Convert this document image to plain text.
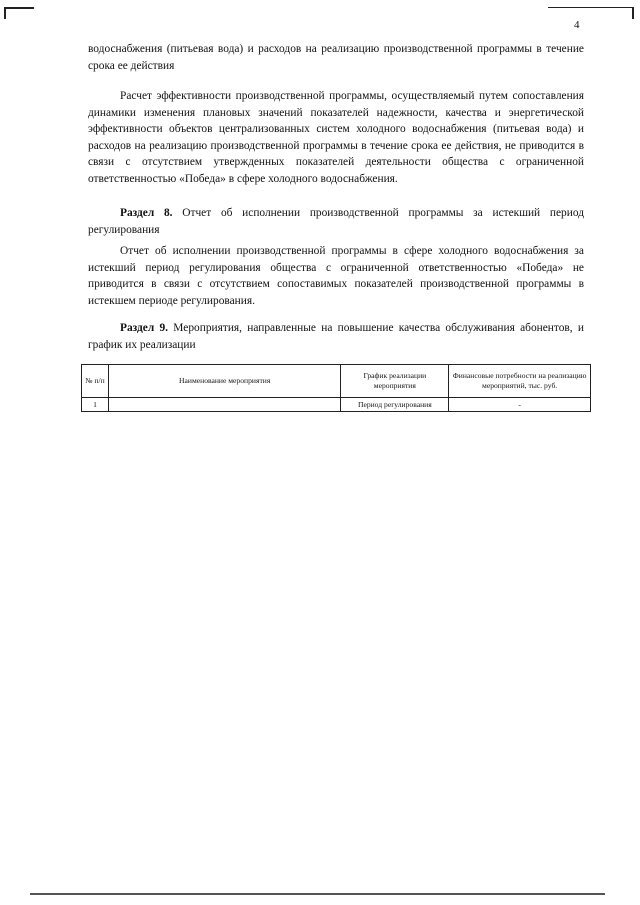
4

водоснабжения (питьевая вода) и расходов на реализацию производственной программы в течение срока ее действия

Расчет эффективности производственной программы, осуществляемый путем сопоставления динамики изменения плановых значений показателей надежности, качества и энергетической эффективности объектов централизованных систем холодного водоснабжения (питьевая вода) и расходов на реализацию производственной программы в течение срока ее действия, не приводится в связи с отсутствием утвержденных показателей деятельности общества с ограниченной ответственностью «Победа» в сфере холодного водоснабжения.

Раздел 8. Отчет об исполнении производственной программы за истекший период регулирования

Отчет об исполнении производственной программы в сфере холодного водоснабжения за истекший период регулирования общества с ограниченной ответственностью «Победа» не приводится в связи с отсутствием сопоставимых показателей производственной программы в истекшем периоде регулирования.

Раздел 9. Мероприятия, направленные на повышение качества обслуживания абонентов, и график их реализации

№ п/п	Наименование мероприятия	График реализации мероприятия	Финансовые потребности на реализацию мероприятий, тыс. руб.
1		Период регулирования	-
